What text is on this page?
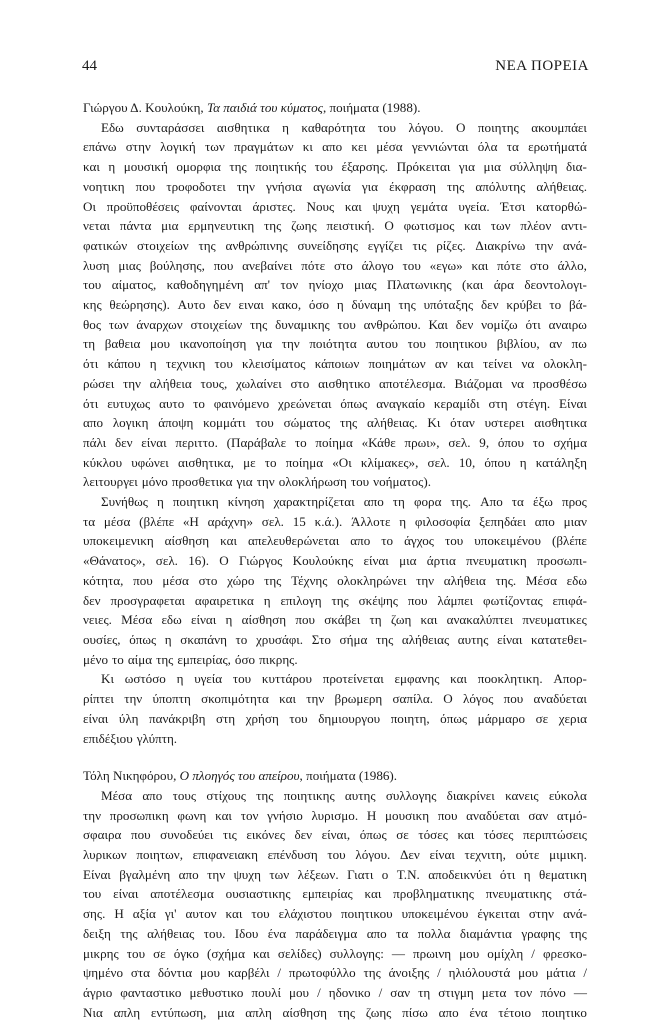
44	ΝΕΑ ΠΟΡΕΙΑ
Γιώργου Δ. Κουλούκη, Τα παιδιά του κύματος, ποιήματα (1988).
Εδω συνταράσσει αισθητικα η καθαρότητα του λόγου. Ο ποιητης ακουμπάει
επάνω στην λογική των πραγμάτων κι απο κει μέσα γεννιώνται όλα τα ερωτήματά
και η μουσική ομορφια της ποιητικής του έξαρσης. Πρόκειται για μια σύλληψη δια-
νοητικη που τροφοδοτει την γνήσια αγωνία για έκφραση της απόλυτης αλήθειας.
Οι προϋποθέσεις φαίνονται άριστες. Νους και ψυχη γεμάτα υγεία. Έτσι κατορθώ-
νεται πάντα μια ερμηνευτικη της ζωης πειστική. Ο φωτισμος και των πλέον αντι-
φατικών στοιχείων της ανθρώπινης συνείδησης εγγίζει τις ρίζες. Διακρίνω την ανά-
λυση μιας βούλησης, που ανεβαίνει πότε στο άλογο του «εγω» και πότε στο άλλο,
του αίματος, καθοδηγημένη απ' τον ηνίοχο μιας Πλατωνικης (και άρα δεοντολογι-
κης θεώρησης). Αυτο δεν ειναι κακο, όσο η δύναμη της υπόταξης δεν κρύβει το βά-
θος των άναρχων στοιχείων της δυναμικης του ανθρώπου. Και δεν νομίζω ότι αναιρω
τη βαθεια μου ικανοποίηση για την ποιότητα αυτου του ποιητικου βιβλίου, αν πω
ότι κάπου η τεχνικη του κλεισίματος κάποιων ποιημάτων αν και τείνει να ολοκλη-
ρώσει την αλήθεια τους, χωλαίνει στο αισθητικο αποτέλεσμα. Βιάζομαι να προσθέσω
ότι ευτυχως αυτο το φαινόμενο χρεώνεται όπως αναγκαίο κεραμίδι στη στέγη. Είναι
απο λογικη άποψη κομμάτι του σώματος της αλήθειας. Κι όταν υστερει αισθητικα
πάλι δεν είναι περιττο. (Παράβαλε το ποίημα «Κάθε πρωι», σελ. 9, όπου το σχήμα
κύκλου υφώνει αισθητικα, με το ποίημα «Οι κλίμακες», σελ. 10, όπου η κατάληξη
λειτουργει μόνο προσθετικα για την ολοκλήρωση του νοήματος).
Συνήθως η ποιητικη κίνηση χαρακτηρίζεται απο τη φορα της. Απο τα έξω προς
τα μέσα (βλέπε «Η αράχνη» σελ. 15 κ.ά.). Άλλοτε η φιλοσοφία ξεπηδάει απο μιαν
υποκειμενικη αίσθηση και απελευθερώνεται απο το άγχος του υποκειμένου (βλέπε
«Θάνατος», σελ. 16). Ο Γιώργος Κουλούκης είναι μια άρτια πνευματικη προσωπι-
κότητα, που μέσα στο χώρο της Τέχνης ολοκληρώνει την αλήθεια της. Μέσα εδω
δεν προσγραφεται αφαιρετικα η επιλογη της σκέψης που λάμπει φωτίζοντας επιφά-
νειες. Μέσα εδω είναι η αίσθηση που σκάβει τη ζωη και ανακαλύπτει πνευματικες
ουσίες, όπως η σκαπάνη το χρυσάφι. Στο σήμα της αλήθειας αυτης είναι κατατεθει-
μένο το αίμα της εμπειρίας, όσο πικρης.
Κι ωστόσο η υγεία του κυττάρου προτείνεται εμφανης και ποοκλητικη. Απορ-
ρίπτει την ύποπτη σκοπιμότητα και την βρωμερη σαπίλα. Ο λόγος που αναδύεται
είναι ύλη πανάκριβη στη χρήση του δημιουργου ποιητη, όπως μάρμαρο σε χερια
επιδέξιου γλύπτη.
Τόλη Νικηφόρου, Ο πλοηγός του απείρου, ποιήματα (1986).
Μέσα απο τους στίχους της ποιητικης αυτης συλλογης διακρίνει κανεις εύκολα
την προσωπικη φωνη και τον γνήσιο λυρισμο. Η μουσικη που αναδύεται σαν ατμό-
σφαιρα που συνοδεύει τις εικόνες δεν είναι, όπως σε τόσες και τόσες περιπτώσεις
λυρικων ποιητων, επιφανειακη επένδυση του λόγου. Δεν είναι τεχνιτη, ούτε μιμικη.
Είναι βγαλμένη απο την ψυχη των λέξεων. Γιατι ο Τ.Ν. αποδεικνύει ότι η θεματικη
του είναι αποτέλεσμα ουσιαστικης εμπειρίας και προβληματικης πνευματικης στά-
σης. Η αξία γι' αυτον και του ελάχιστου ποιητικου υποκειμένου έγκειται στην ανά-
δειξη της αλήθειας του. Ιδου ένα παράδειγμα απο τα πολλα διαμάντια γραφης της
μικρης του σε όγκο (σχήμα και σελίδες) συλλογης: — πρωινη μου ομίχλη / φρεσκο-
ψημένο στα δόντια μου καρβέλι / πρωτοφύλλο της άνοιξης / ηλιόλουστά μου μάτια /
άγριο φανταστικο μεθυστικο πουλί μου / ηδονικο / σαν τη στιγμη μετα τον πόνο —
Νια απλη εντύπωση, μια απλη αίσθηση της ζωης πίσω απο ένα τέτοιο ποιητικο
